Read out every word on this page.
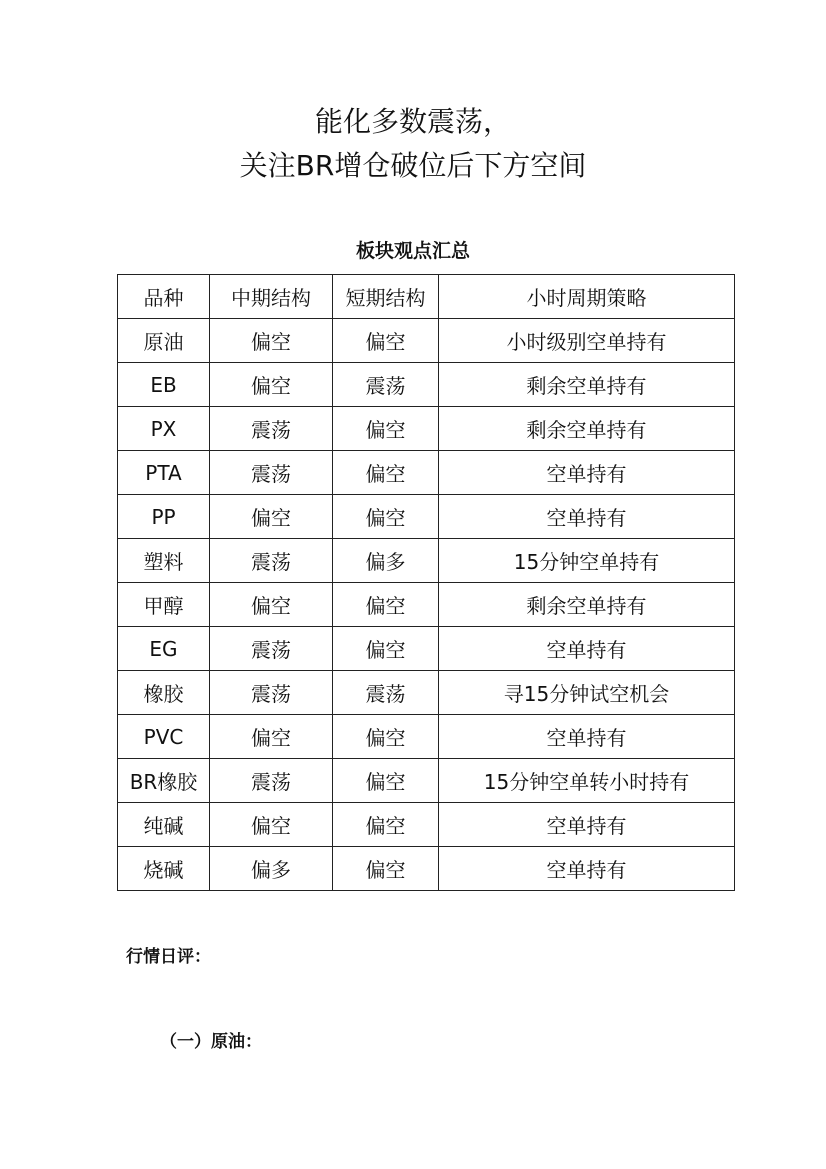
能化多数震荡，
关注BR增仓破位后下方空间
板块观点汇总
品种	中期结构	短期结构	小时周期策略
原油	偏空	偏空	小时级别空单持有
EB	偏空	震荡	剩余空单持有
PX	震荡	偏空	剩余空单持有
PTA	震荡	偏空	空单持有
PP	偏空	偏空	空单持有
塑料	震荡	偏多	15分钟空单持有
甲醇	偏空	偏空	剩余空单持有
EG	震荡	偏空	空单持有
橡胶	震荡	震荡	寻15分钟试空机会
PVC	偏空	偏空	空单持有
BR橡胶	震荡	偏空	15分钟空单转小时持有
纯碱	偏空	偏空	空单持有
烧碱	偏多	偏空	空单持有
行情日评：
（一）原油：
